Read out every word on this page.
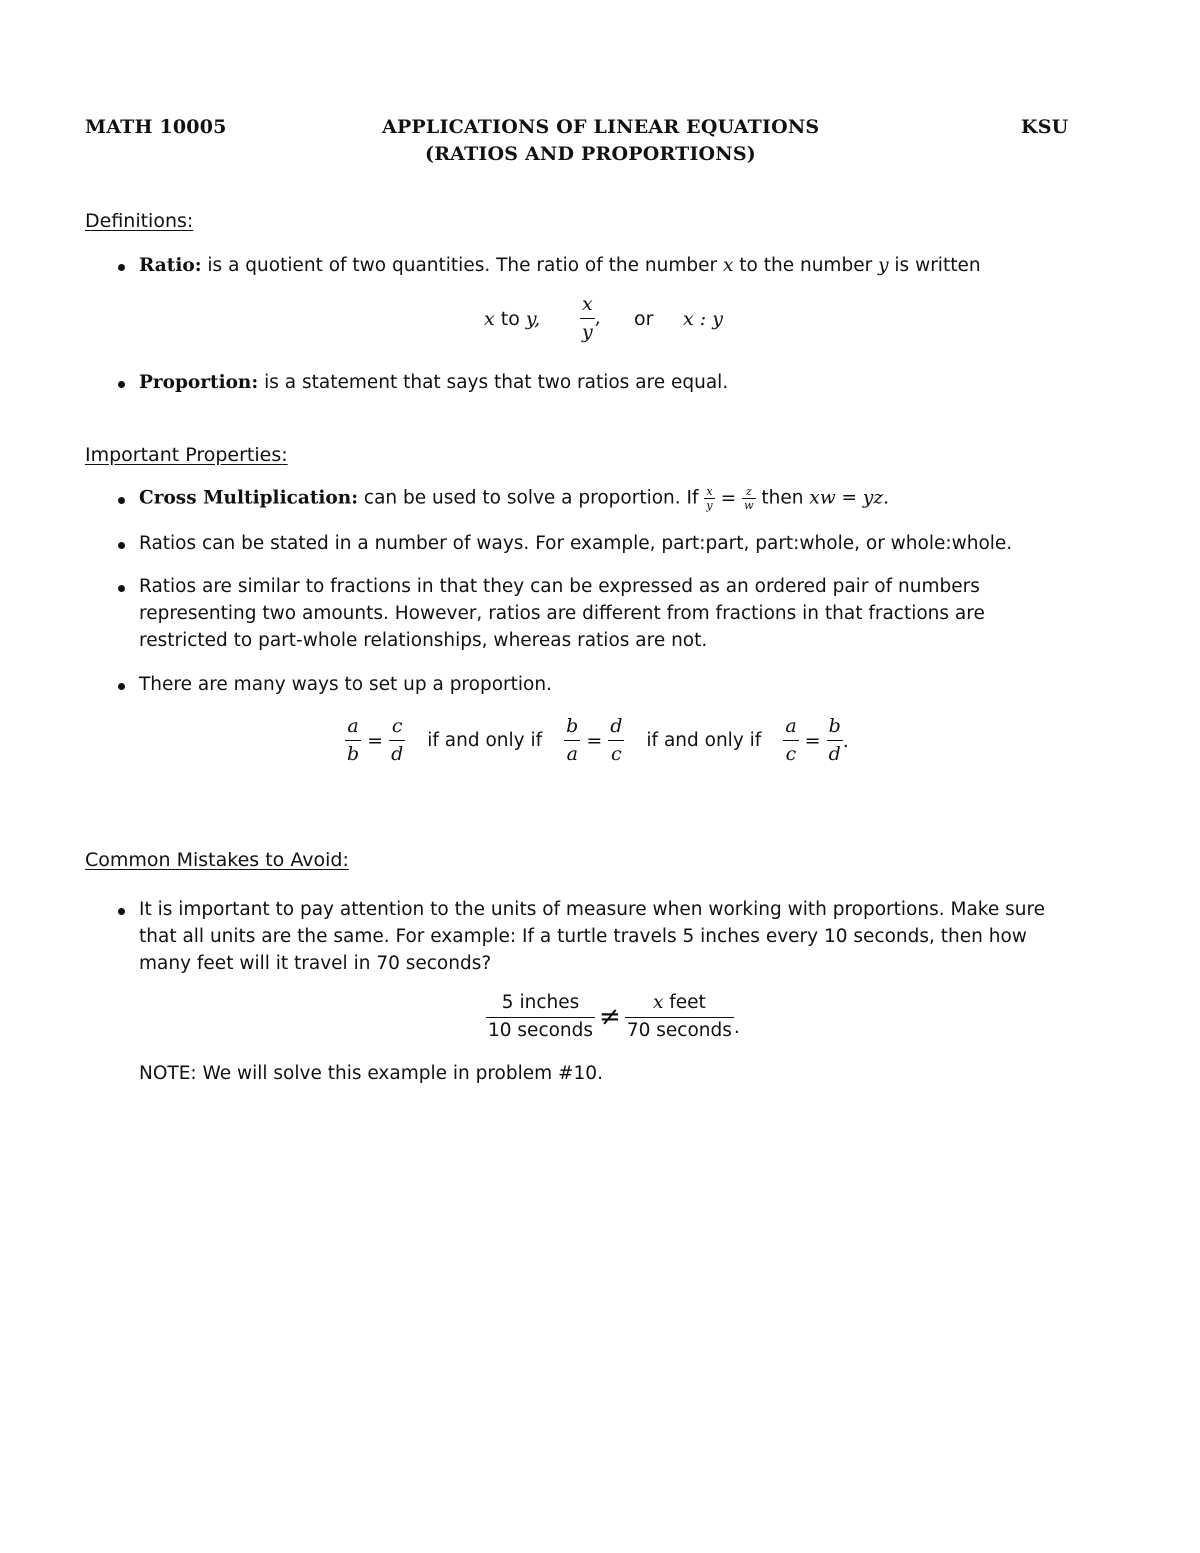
MATH 10005	APPLICATIONS OF LINEAR EQUATIONS
(RATIOS AND PROPORTIONS)
KSU
Definitions:
Ratio: is a quotient of two quantities. The ratio of the number x to the number y is written
x to y, $\frac{x}{y}$ , or x : y
Proportion: is a statement that says that two ratios are equal.
Important Properties:
Cross Multiplication: can be used to solve a proportion. If $\frac{x}{y} = \frac{z}{w}$ then xw = yz.
Ratios can be stated in a number of ways. For example, part:part, part:whole, or whole:whole.
Ratios are similar to fractions in that they can be expressed as an ordered pair of numbers representing two amounts. However, ratios are different from fractions in that fractions are restricted to part-whole relationships, whereas ratios are not.
There are many ways to set up a proportion.
$\frac{a}{b} = \frac{c}{d}$	if and only if	$\frac{b}{a} = \frac{d}{c}$	if and only if	$\frac{a}{c} = \frac{b}{d}$ .
Common Mistakes to Avoid:
It is important to pay attention to the units of measure when working with proportions. Make sure that all units are the same. For example: If a turtle travels 5 inches every 10 seconds, then how many feet will it travel in 70 seconds?
$\frac{\text{5 inches}}{\text{10 seconds}} \ne \frac{\text{x feet}}{\text{70 seconds}}$ .
NOTE: We will solve this example in problem #10.
